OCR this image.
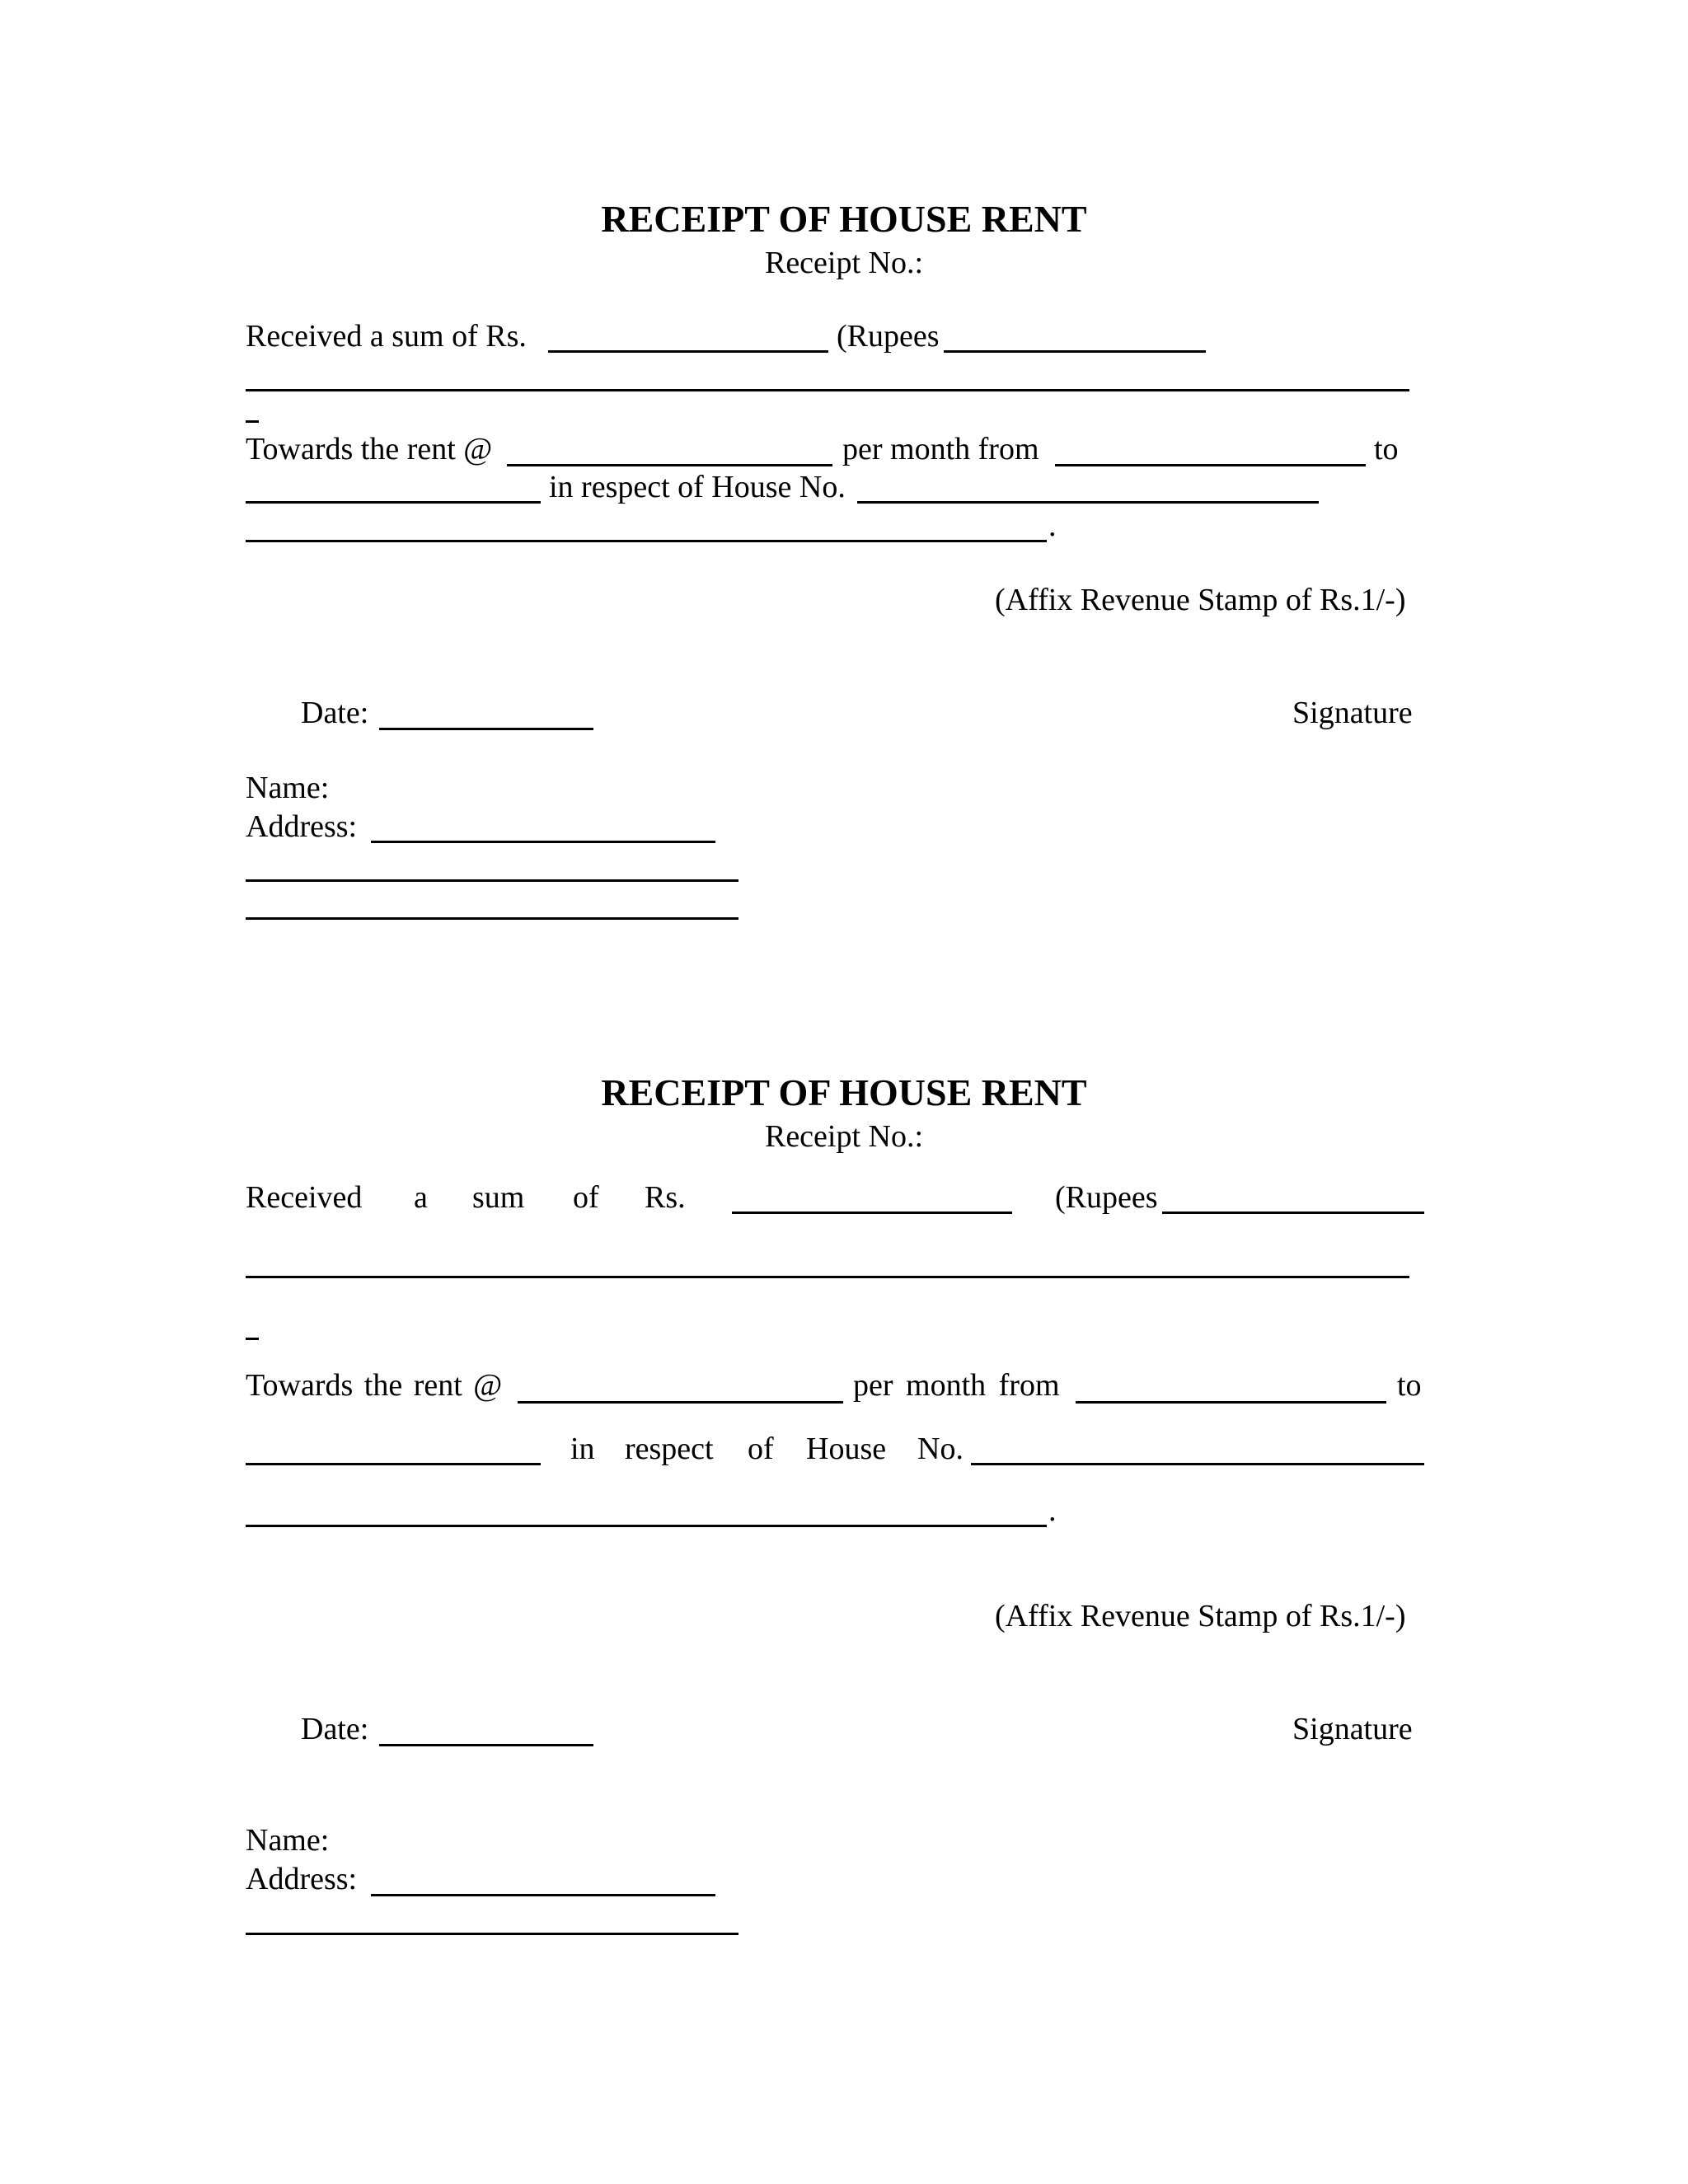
RECEIPT OF HOUSE RENT
Receipt No.:
Received a sum of Rs.	(Rupees
Towards the rent @	per month from	to
in respect of House No.
.
(Affix Revenue Stamp of Rs.1/-)
Date:	Signature
Name:
Address:
RECEIPT OF HOUSE RENT
Receipt No.:
Received a sum of Rs.	(Rupees
Towards the rent @	per month from	to
in respect of House No.
.
(Affix Revenue Stamp of Rs.1/-)
Date:	Signature
Name:
Address:
